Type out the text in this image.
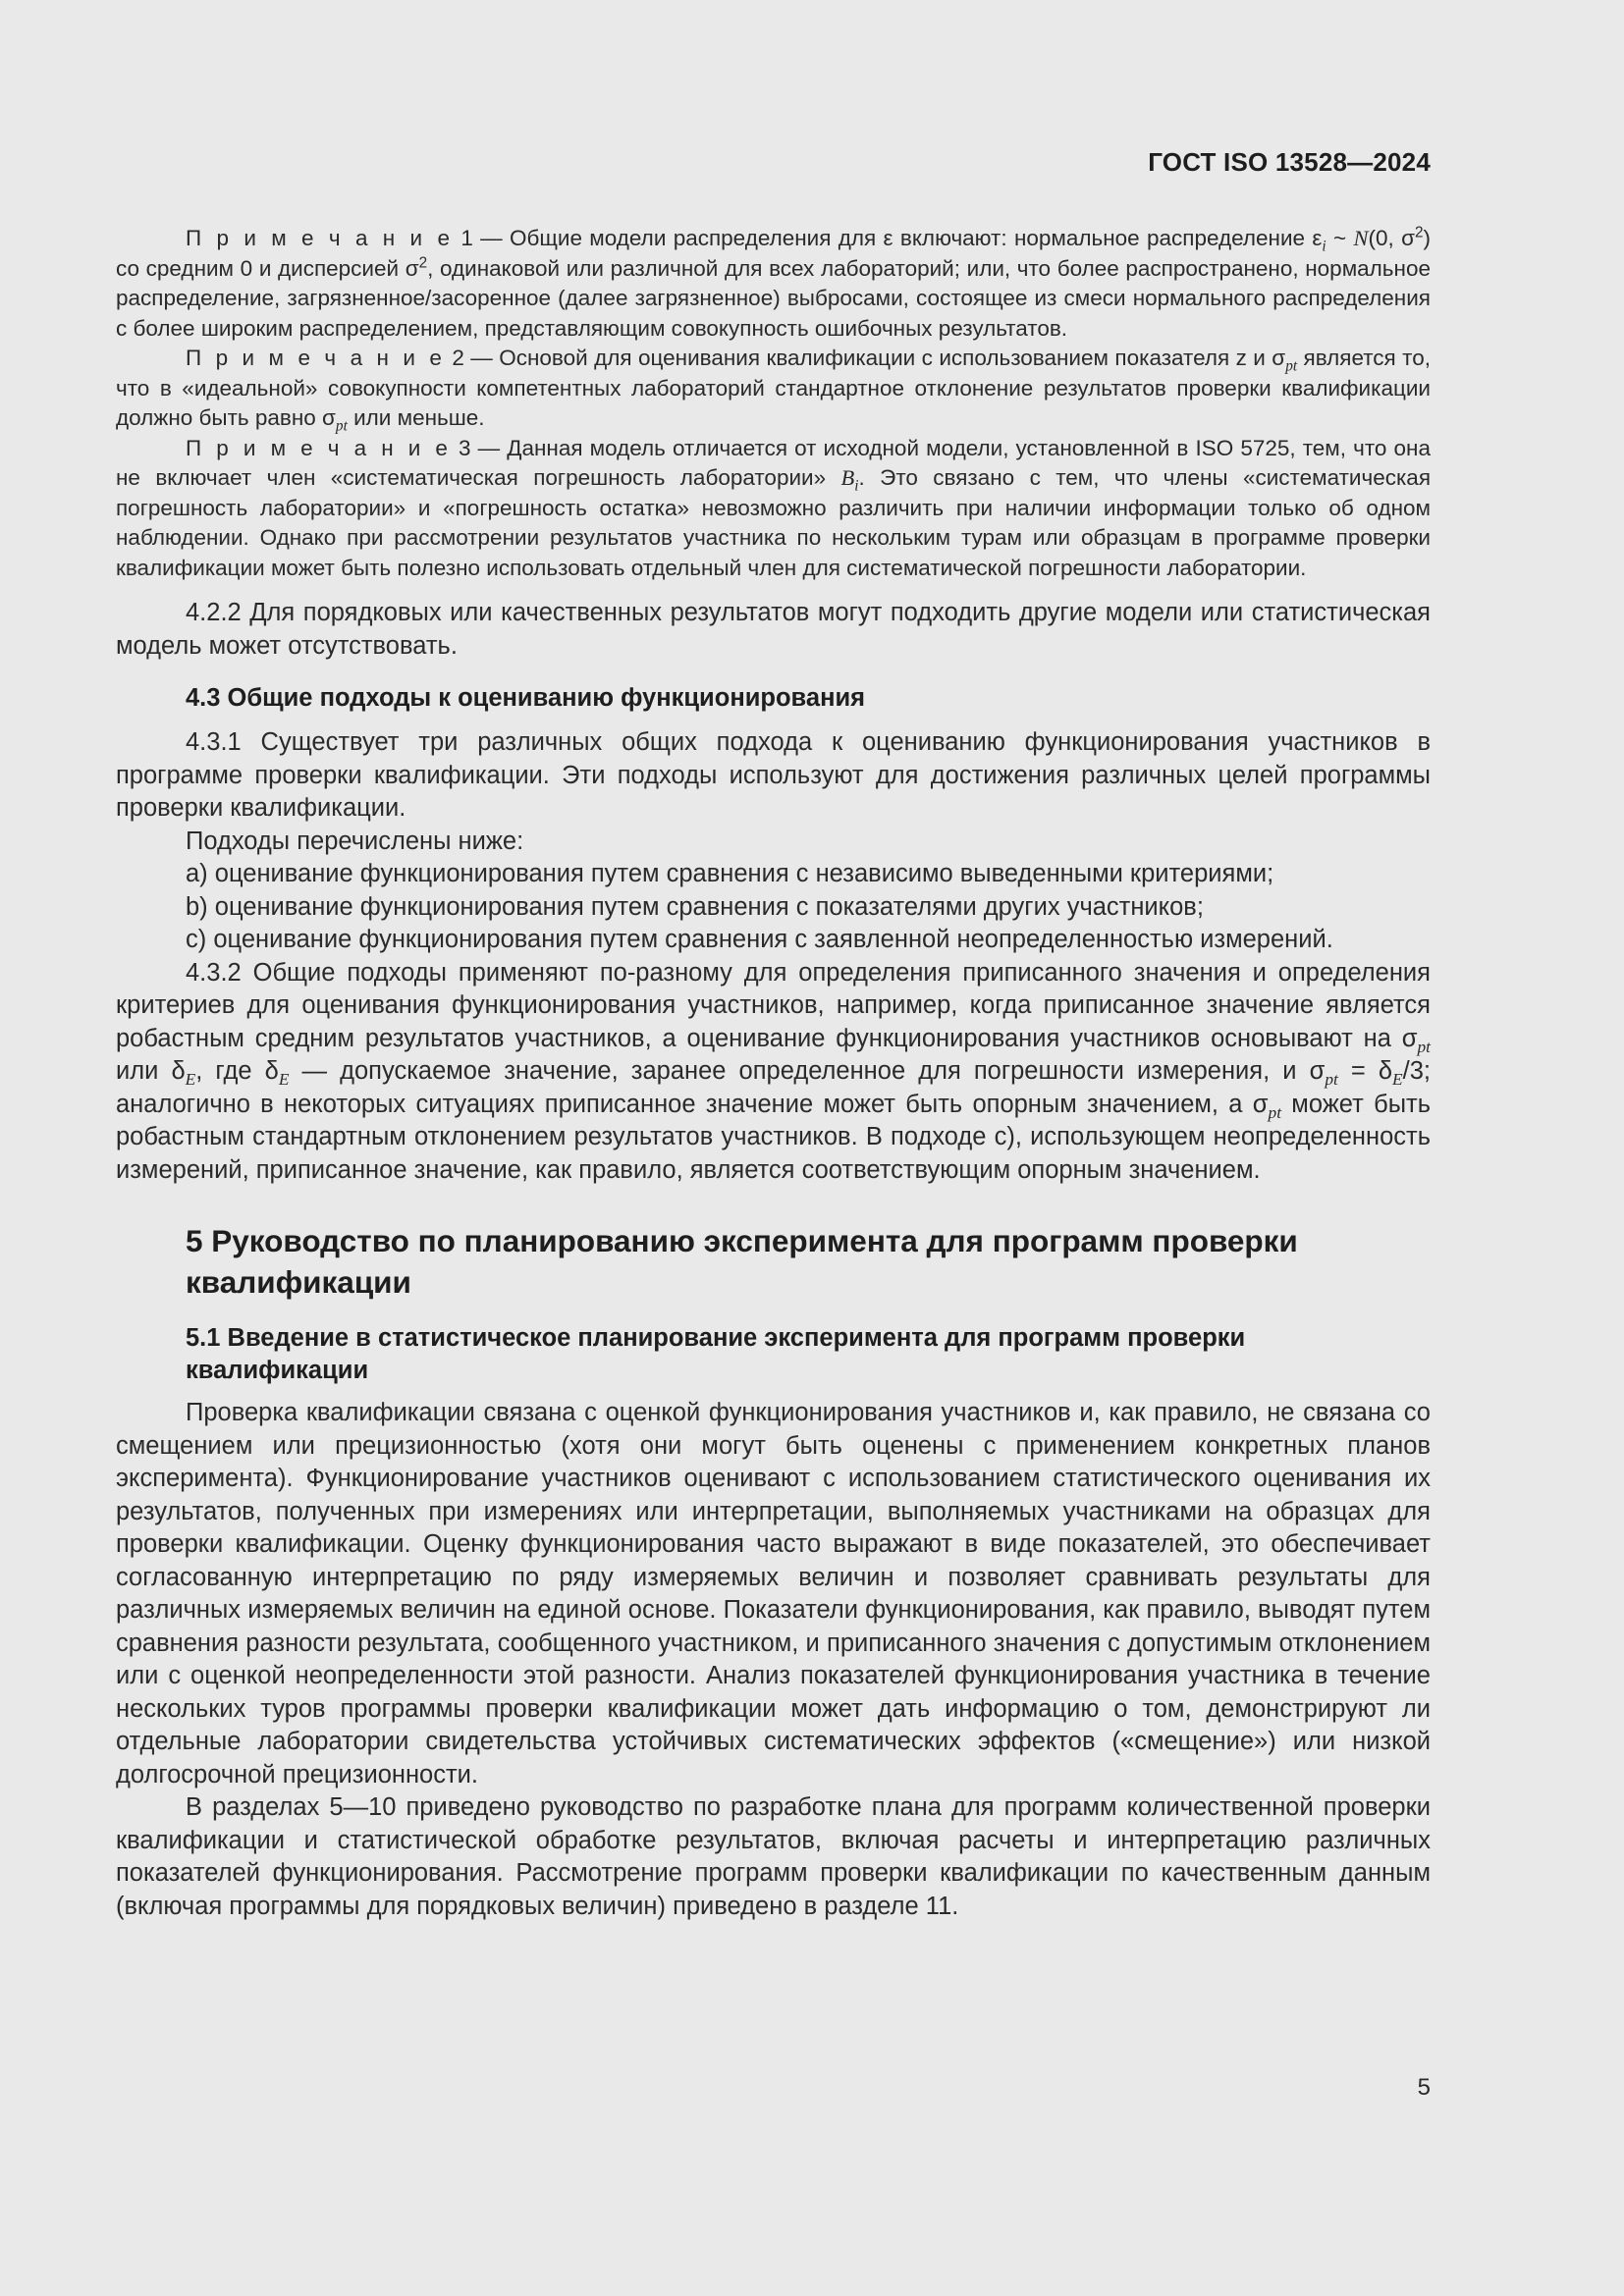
ГОСТ ISO 13528—2024

П р и м е ч а н и е 1 — Общие модели распределения для ε включают: нормальное распределение $\varepsilon_i$ ~ N(0, $\sigma^2$) со средним 0 и дисперсией $\sigma^2$, одинаковой или различной для всех лабораторий; или, что более распространено, нормальное распределение, загрязненное/засоренное (далее загрязненное) выбросами, состоящее из смеси нормального распределения с более широким распределением, представляющим совокупность ошибочных результатов.

П р и м е ч а н и е 2 — Основой для оценивания квалификации с использованием показателя z и $\sigma_{pt}$ является то, что в «идеальной» совокупности компетентных лабораторий стандартное отклонение результатов проверки квалификации должно быть равно $\sigma_{pt}$ или меньше.

П р и м е ч а н и е 3 — Данная модель отличается от исходной модели, установленной в ISO 5725, тем, что она не включает член «систематическая погрешность лаборатории» $B_i$. Это связано с тем, что члены «систематическая погрешность лаборатории» и «погрешность остатка» невозможно различить при наличии информации только об одном наблюдении. Однако при рассмотрении результатов участника по нескольким турам или образцам в программе проверки квалификации может быть полезно использовать отдельный член для систематической погрешности лаборатории.

4.2.2 Для порядковых или качественных результатов могут подходить другие модели или статистическая модель может отсутствовать.

4.3 Общие подходы к оцениванию функционирования

4.3.1 Существует три различных общих подхода к оцениванию функционирования участников в программе проверки квалификации. Эти подходы используют для достижения различных целей программы проверки квалификации.

Подходы перечислены ниже:

a) оценивание функционирования путем сравнения с независимо выведенными критериями;

b) оценивание функционирования путем сравнения с показателями других участников;

c) оценивание функционирования путем сравнения с заявленной неопределенностью измерений.

4.3.2 Общие подходы применяют по-разному для определения приписанного значения и определения критериев для оценивания функционирования участников, например, когда приписанное значение является робастным средним результатов участников, а оценивание функционирования участников основывают на $\sigma_{pt}$ или $\delta_E$, где $\delta_E$ — допускаемое значение, заранее определенное для погрешности измерения, и $\sigma_{pt} = \delta_E/3$; аналогично в некоторых ситуациях приписанное значение может быть опорным значением, а $\sigma_{pt}$ может быть робастным стандартным отклонением результатов участников. В подходе с), использующем неопределенность измерений, приписанное значение, как правило, является соответствующим опорным значением.

5 Руководство по планированию эксперимента для программ проверки квалификации

5.1 Введение в статистическое планирование эксперимента для программ проверки квалификации

Проверка квалификации связана с оценкой функционирования участников и, как правило, не связана со смещением или прецизионностью (хотя они могут быть оценены с применением конкретных планов эксперимента). Функционирование участников оценивают с использованием статистического оценивания их результатов, полученных при измерениях или интерпретации, выполняемых участниками на образцах для проверки квалификации. Оценку функционирования часто выражают в виде показателей, это обеспечивает согласованную интерпретацию по ряду измеряемых величин и позволяет сравнивать результаты для различных измеряемых величин на единой основе. Показатели функционирования, как правило, выводят путем сравнения разности результата, сообщенного участником, и приписанного значения с допустимым отклонением или с оценкой неопределенности этой разности. Анализ показателей функционирования участника в течение нескольких туров программы проверки квалификации может дать информацию о том, демонстрируют ли отдельные лаборатории свидетельства устойчивых систематических эффектов («смещение») или низкой долгосрочной прецизионности.

В разделах 5—10 приведено руководство по разработке плана для программ количественной проверки квалификации и статистической обработке результатов, включая расчеты и интерпретацию различных показателей функционирования. Рассмотрение программ проверки квалификации по качественным данным (включая программы для порядковых величин) приведено в разделе 11.

5
